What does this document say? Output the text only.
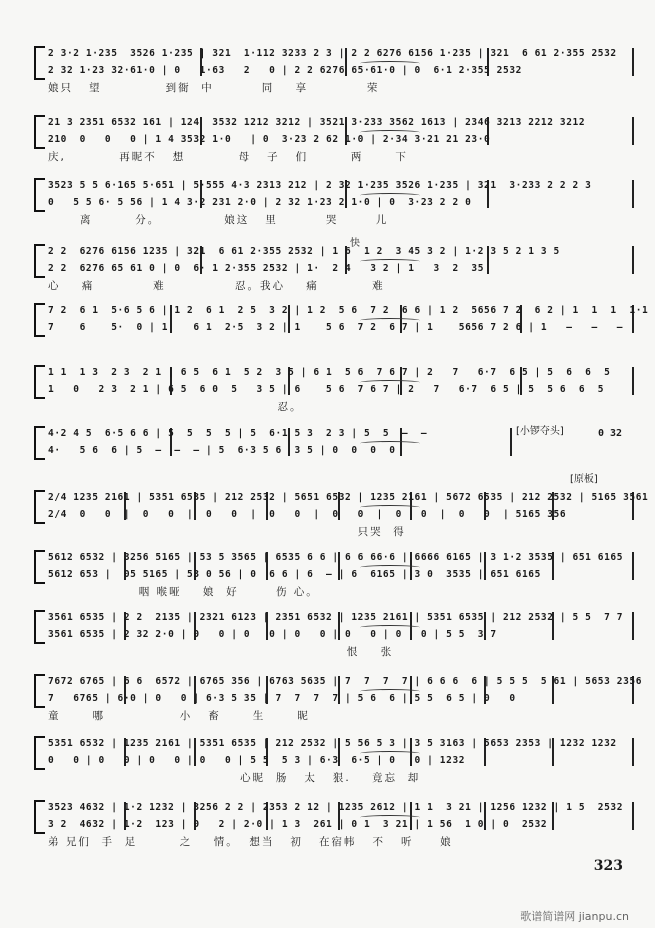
2 3·2 1·235  3526 1·235 | 321  1·112 3233 2 3 | 2 2 6276 6156 1·235 | 321  6 61 2·355 2532
2 32 1·23 32·61·0 | 0   1·63   2   0 | 2 2 6276 65·61·0 | 0  6·1 2·355 2532
娘只   望            到衙  中         同    享           荣
21 3 2351 6532 161 | 124  3532 1212 3212 | 3521 3·233 3562 1613 | 2346 3213 2212 3212
210  0   0   0 | 1 4 3532 1·0   | 0  3·23 2 62 1·0 | 2·34 3·21 21 23·0
庆,          再昵不   想          母   子   们        两      下
3523 5 5 6·165 5·651 | 5·555 4·3 2313 212 | 2 32 1·235 3526 1·235 | 321  3·233 2 2 2 3
0   5 5 6· 5 56 | 1 4 3·2 231 2·0 | 2 32 1·23 2 1·0 | 0  3·23 2 2 0
离        分。            娘这   里         哭       儿
2 2  6276 6156 1235 | 321  6 61 2·355 2532 | 1 6  1 2  3 45 3 2 | 1·2 3 5 2 1 3 5
2 2  6276 65 61 0 | 0  6· 1 2·355 2532 | 1·  2 4   3 2 | 1   3  2  35
心    痛           难             忍。我心    痛          难
7 2  6 1  5·6 5 6 | 1 2  6 1  2 5  3 2 | 1 2  5 6  7 2  6 6 | 1 2  5656 7 2  6 2 | 1  1  1  1·1
7    6    5·  0 | 1    6 1  2·5  3 2 | 1    5 6  7 2  6 7 | 1    5656 7 2 6 | 1   —   —   —
1 1  1 3  2 3  2 1 | 6 5  6 1  5 2  3 5 | 6 1  5 6  7 6 7 | 2   7   6·7  6 5 | 5  6  6  5
1   0   2 3  2 1 | 6 5  6 0  5   3 5 | 6    5 6  7 6 7 | 2   7   6·7  6 5 | 5  5 6  6  5
忍。
4·2 4 5  6·5 6 6 | 5  5  5  5 | 5  6·1 5 3  2 3 | 5  5  —  —
4·   5 6  6 | 5  —  —  — | 5  6·3 5 6  3 5 | 0  0  0  0
2/4 1235 2161 | 5351 6535 | 212 2532 | 5651 6532 | 1235 2161 | 5672 6535 | 212 2532 | 5165 3561
2/4  0   0  |  0   0  |  0   0  |  0   0  |  0   0  |  0   0  |  0   0  | 5165 356
只哭  得
5612 6532 | 3256 5165 | 53 5 3565 | 6535 6 6 | 6 6 66·6 | 6666 6165 | 3 1·2 3535 | 651 6165
5612 653 |  05 5165 | 53 0 56 | 0  6 6 | 6  — | 6  6165 | 3 0  3535 | 651 6165
咽 喉哑    娘  好       伤 心。
3561 6535 | 2 2  2135 | 2321 6123 | 2351 6532 | 1235 2161 | 5351 6535 | 212 2532 | 5 5  7 7
3561 6535 | 2 32 2·0 | 0   0 | 0   0 | 0   0 | 0   0 | 0   0 | 5 5  3 7
恨    张
7672 6765 | 6 6  6572 | 6765 356 | 6763 5635 | 7  7  7  7 | 6 6 6  6 | 5 5 5  5 61 | 5653 2356
7   6765 | 6·0 | 0   0 | 6·3 5 35 | 7  7  7  7 | 5 6  6 | 5 5  6 5 | 0   0
童      哪              小   畜      生      昵
5351 6532 | 1235 2161 | 5351 6535 | 212 2532 | 5 56 5 3 | 3 5 3163 | 5653 2353 | 1232 1232
0   0 | 0   0 | 0   0 | 0   0 | 5 5  5 3 | 6·3  6·5 | 0   0 | 1232
心昵  肠   太   狠.    竟忘  却
3523 4632 | 1·2 1232 | 3256 2 2 | 2353 2 12 | 1235 2612 | 1 1  3 21 | 1256 1232 | 1 5  2532
3 2  4632 | 1·2  123 | 0   2 | 2·0 | 1 3  261 | 0 1  3 21 | 1 56  1 0 | 0  2532
弟 兄们  手  足        之    情。  想当   初   在宿帏   不   听     娘
323
歌谱简谱网 jianpu.cn
快
[小锣夺头]	0 32
[原板]
